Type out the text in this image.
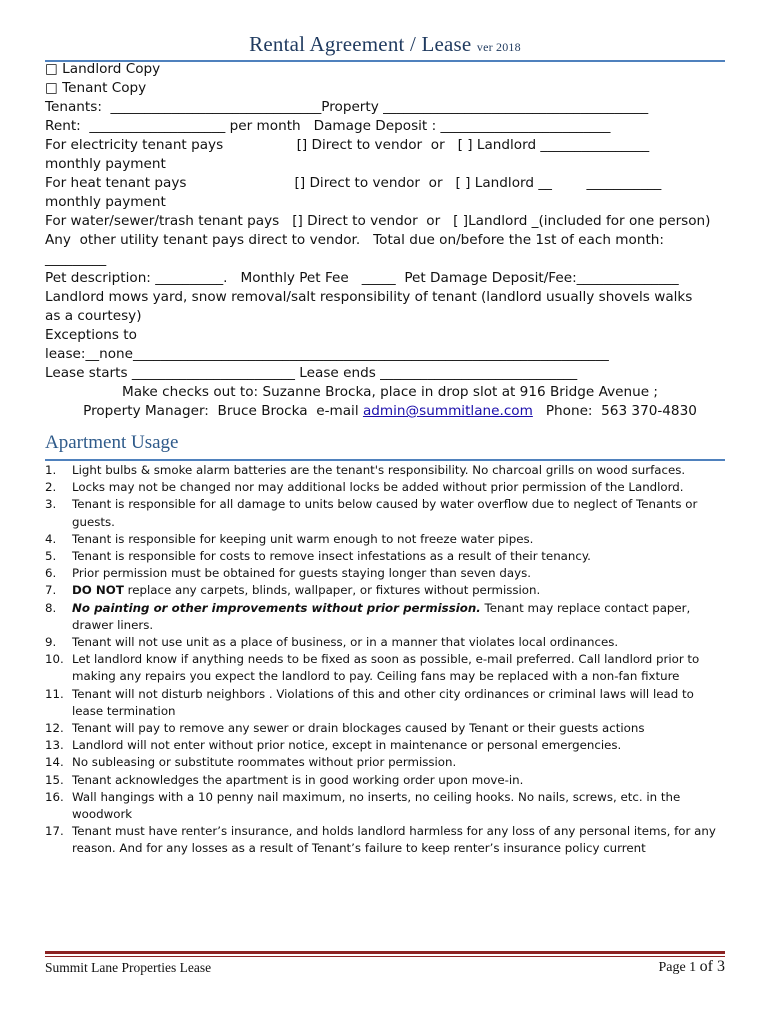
Rental Agreement / Lease ver 2018
□ Landlord Copy
□ Tenant Copy
Tenants:  _______________________________Property _______________________________________
Rent:  ____________________ per month   Damage Deposit : _________________________
For electricity tenant pays                 [] Direct to vendor  or   [ ] Landlord ________________
monthly payment
For heat tenant pays                         [] Direct to vendor  or   [ ] Landlord __        ___________
monthly payment
For water/sewer/trash tenant pays   [] Direct to vendor  or   [ ]Landlord _(included for one person)
Any  other utility tenant pays direct to vendor.   Total due on/before the 1st of each month:
_________
Pet description: __________.   Monthly Pet Fee   _____  Pet Damage Deposit/Fee:_______________
Landlord mows yard, snow removal/salt responsibility of tenant (landlord usually shovels walks
as a courtesy)
Exceptions to
lease:__none______________________________________________________________________
Lease starts ________________________ Lease ends _____________________________
Make checks out to: Suzanne Brocka, place in drop slot at 916 Bridge Avenue ;
Property Manager:  Bruce Brocka  e-mail admin@summitlane.com   Phone:  563 370-4830
Apartment Usage
1.	Light bulbs & smoke alarm batteries are the tenant's responsibility. No charcoal grills on wood surfaces.
2.	Locks may not be changed nor may additional locks be added without prior permission of the Landlord.
3.	Tenant is responsible for all damage to units below caused by water overflow due to neglect of Tenants or guests.
4.	Tenant is responsible for keeping unit warm enough to not freeze water pipes.
5.	Tenant is responsible for costs to remove insect infestations as a result of their tenancy.
6.	Prior permission must be obtained for guests staying longer than seven days.
7.	DO NOT replace any carpets, blinds, wallpaper, or fixtures without permission.
8.	No painting or other improvements without prior permission. Tenant may replace contact paper, drawer liners.
9.	Tenant will not use unit as a place of business, or in a manner that violates local ordinances.
10. Let landlord know if anything needs to be fixed as soon as possible, e-mail preferred. Call landlord prior to making any repairs you expect the landlord to pay. Ceiling fans may be replaced with a non-fan fixture
11. Tenant will not disturb neighbors . Violations of this and other city ordinances or criminal laws will lead to lease termination
12. Tenant will pay to remove any sewer or drain blockages caused by Tenant or their guests actions
13. Landlord will not enter without prior notice, except in maintenance or personal emergencies.
14. No subleasing or substitute roommates without prior permission.
15. Tenant acknowledges the apartment is in good working order upon move-in.
16. Wall hangings with a 10 penny nail maximum, no inserts, no ceiling hooks. No nails, screws, etc. in the woodwork
17. Tenant must have renter’s insurance, and holds landlord harmless for any loss of any personal items, for any reason. And for any losses as a result of Tenant’s failure to keep renter’s insurance policy current
Summit Lane Properties Lease	Page 1 of 3
